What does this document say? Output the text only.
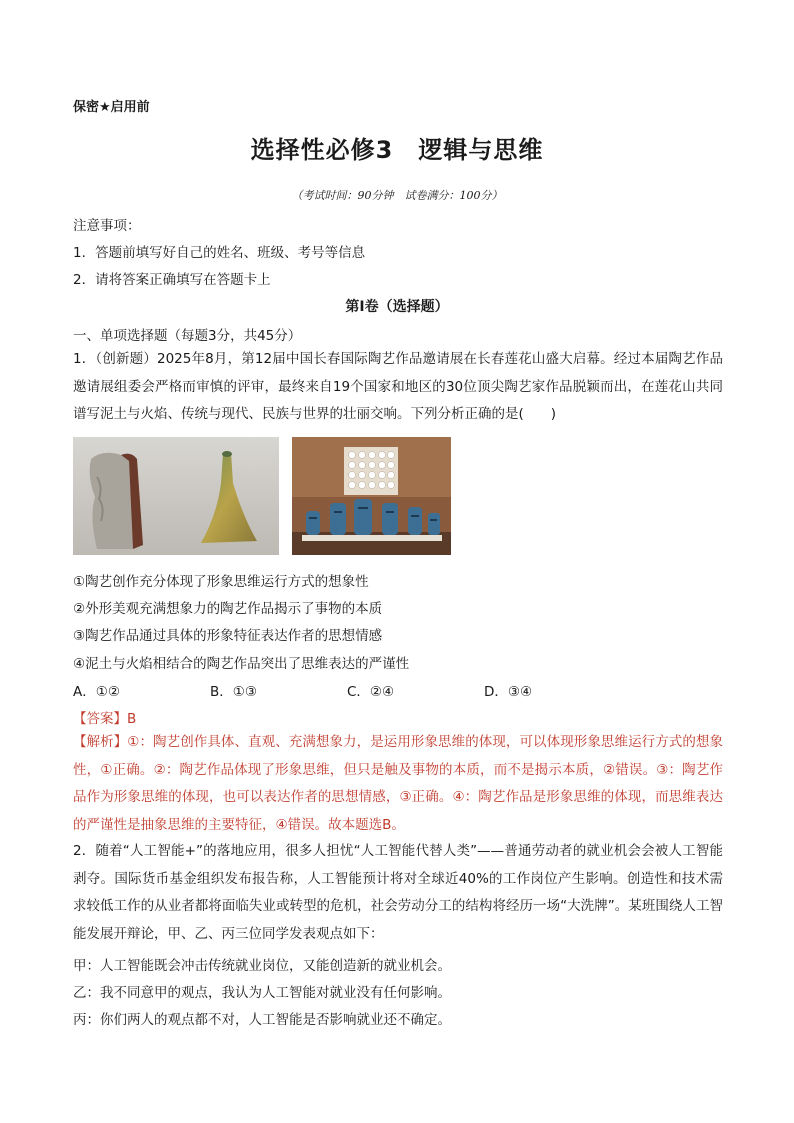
保密★启用前
选择性必修3　逻辑与思维
（考试时间：90分钟　试卷满分：100分）
注意事项：
1．答题前填写好自己的姓名、班级、考号等信息
2．请将答案正确填写在答题卡上
第Ⅰ卷（选择题）
一、单项选择题（每题3分，共45分）
1．（创新题）2025年8月，第12届中国长春国际陶艺作品邀请展在长春莲花山盛大启幕。经过本届陶艺作品邀请展组委会严格而审慎的评审，最终来自19个国家和地区的30位顶尖陶艺家作品脱颖而出，在莲花山共同谱写泥土与火焰、传统与现代、民族与世界的壮丽交响。下列分析正确的是(　　)
①陶艺创作充分体现了形象思维运行方式的想象性
②外形美观充满想象力的陶艺作品揭示了事物的本质
③陶艺作品通过具体的形象特征表达作者的思想情感
④泥土与火焰相结合的陶艺作品突出了思维表达的严谨性
A．①②	B．①③	C．②④	D．③④
【答案】B
【解析】①：陶艺创作具体、直观、充满想象力，是运用形象思维的体现，可以体现形象思维运行方式的想象性，①正确。②：陶艺作品体现了形象思维，但只是触及事物的本质，而不是揭示本质，②错误。③：陶艺作品作为形象思维的体现，也可以表达作者的思想情感，③正确。④：陶艺作品是形象思维的体现，而思维表达的严谨性是抽象思维的主要特征，④错误。故本题选B。
2．随着“人工智能+”的落地应用，很多人担忧“人工智能代替人类”——普通劳动者的就业机会会被人工智能剥夺。国际货币基金组织发布报告称，人工智能预计将对全球近40%的工作岗位产生影响。创造性和技术需求较低工作的从业者都将面临失业或转型的危机，社会劳动分工的结构将经历一场“大洗牌”。某班围绕人工智能发展开辩论，甲、乙、丙三位同学发表观点如下：
甲：人工智能既会冲击传统就业岗位，又能创造新的就业机会。
乙：我不同意甲的观点，我认为人工智能对就业没有任何影响。
丙：你们两人的观点都不对，人工智能是否影响就业还不确定。
